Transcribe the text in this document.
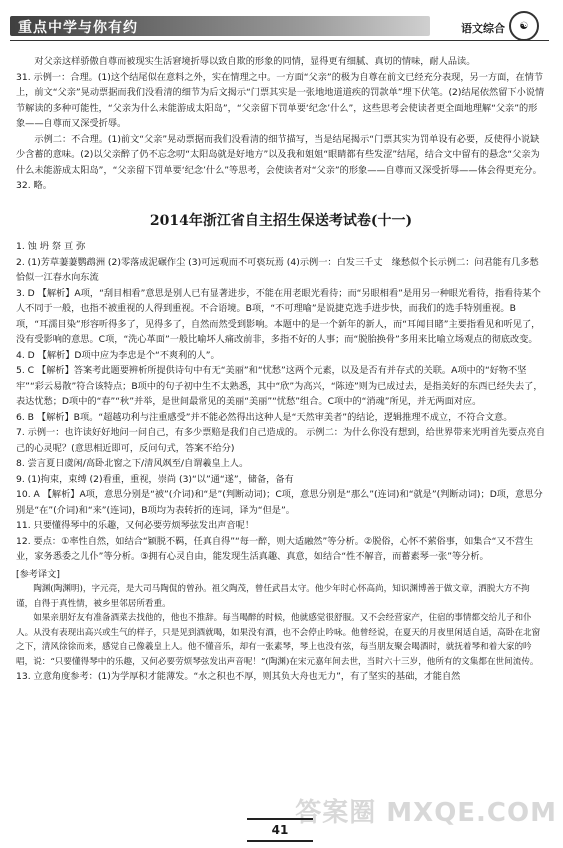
重点中学与你有约	语文综合	☯

对父亲这样骄傲自尊而被现实生活窘境折辱以致自欺的形象的同情，显得更有细腻、真切的情味，耐人品读。

31. 示例一：合理。(1)这个结尾似在意料之外，实在情理之中。一方面“父亲”的极为自尊在前文已经充分表现，另一方面，在情节上，前文“父亲”晃动票据而我们没看清的细节为后文揭示“门票其实是一张地地道道疾的罚款单”埋下伏笔。(2)结尾依然留下小说情节解读的多种可能性，“父亲为什么未能游成太阳岛”，“父亲留下罚单要‘纪念’什么”，这些思考会使读者更全面地理解“父亲”的形象——自尊而又深受折辱。

示例二：不合理。(1)前文“父亲”晃动票据而我们没看清的细节描写，当是结尾揭示“门票其实为罚单设有必要，反使得小说缺少含蓄的意味。(2)以父亲醉了仍不忘念叨“太阳岛就是好地方”以及我和姐姐“眼睛都有些发涩”结尾，结合文中留有的悬念“父亲为什么未能游成太阳岛”，“父亲留下罚单要‘纪念’什么”等思考，会使读者对“父亲”的形象——自尊而又深受折辱——体会得更充分。 32. 略。

2014年浙江省自主招生保送考试卷(十一)

1. 蚀 坍 祭 亘 弥

2. (1)芳草萋萋鹦鹉洲 (2)零落成泥碾作尘 (3)可远观而不可亵玩焉 (4)示例一：白发三千丈　缘愁似个长示例二：问君能有几多愁　恰似一江春水向东流

3. D 【解析】A项，“刮目相看”意思是别人已有显著进步，不能在用老眼光看待；而“另眼相看”是用另一种眼光看待，指看待某个人不同于一般，也指不被重视的人得到重视。不合语境。B项，“不可理喻”是说捷克选手进步快，而我们的选手特别重视。B项，“耳濡目染”形容听得多了，见得多了，自然而然受到影响。本题中的是一个新年的新人，而“耳闻目睹”主要指看见和听见了，没有受影响的意思。C项，“洗心革面”一般比喻坏人痛改前非，多指不好的人事；而“脱胎换骨”多用来比喻立场观点的彻底改变。

4. D 【解析】D项中应为李忠是个“不爽利的人”。

5. C 【解析】答案考此题要辨析所提供诗句中有无“美丽”和“忧愁”这两个元素，以及是否有并存式的关联。A项中的“好物不坚牢”“彩云易散”符合该特点；B项中的句子初中生不太熟悉，其中“欣”为高兴，“陈迹”则为已成过去，是指美好的东西已经失去了，表达忧愁；D项中的“春”“秋”并举，是世间最常见的美丽“美丽”“忧愁”组合。C项中的“消魂”所见，并无两面对应。

6. B 【解析】B项。“超越功利与注重感受”并不能必然得出这种人是“天然审美者”的结论，逻辑推理不成立，不符合文意。

7. 示例一：也许读好好地问一问自己，有多少票赔是我们自己造成的。 示例二：为什么你没有想到，给世界带来光明首先要点亮自己的心灵呢？(意思相近即可，反问句式，答案不给分)

8. 尝言夏日虞闲/高卧北窗之下/清风飒至/自谓羲皇上人。

9. (1)拘束，束缚 (2)看重，重视，崇尚 (3)“以”通“遂”，储备，备有

10. A 【解析】A项，意思分别是“被”(介词)和“是”(判断动词)；C项，意思分别是“那么”(连词)和“就是”(判断动词)；D项，意思分别是“在”(介词)和“来”(连词)，B项均为表转折的连词，译为“但是”。

11. 只要懂得琴中的乐趣，又何必要劳烦琴弦发出声音呢！

12. 要点：①率性自然，如结合“颖脱不羁，任真自得”“每一醉，则大适融然”等分析。②脱俗，心怀不萦俗事，如集合“又不营生业，家务悉委之儿仆”等分析。③拥有心灵自由，能发现生活真趣、真意，如结合“性不解音，而蓄素琴一张”等分析。

[参考译文]

陶渊(陶渊明)，字元亮，是大司马陶侃的曾孙。祖父陶茂，曾任武昌太守。他少年时心怀高尚，知识渊博善于做文章，洒脱大方不拘谨，自得于真性情，被乡里邻居所看重。

如果亲朋好友有准备酒菜去找他的，他也不推辞。每当喝醉的时候，他就感觉很舒服。又不会经营家产，住宿的事情都交给儿子和仆人。从没有表现出高兴或生气的样子，只是见到酒就喝，如果没有酒，也不会停止吟咏。他曾经说，在夏天的月夜里闲适自适，高卧在北窗之下，清风徐徐而来，感觉自己像羲皇上人。他不懂音乐，却有一张素琴，琴上也没有弦，每当朋友聚会喝酒时，就抚着琴和着大家的吟唱，说：“只要懂得琴中的乐趣，又何必要劳烦琴弦发出声音呢！”(陶渊)在宋元嘉年间去世，当时六十三岁，他所有的文集都在世间流传。

13. 立意角度参考：(1)为学厚积才能薄发。“水之积也不厚，则其负大舟也无力”，有了坚实的基础，才能自然

答案圈 MXQE.COM
41
